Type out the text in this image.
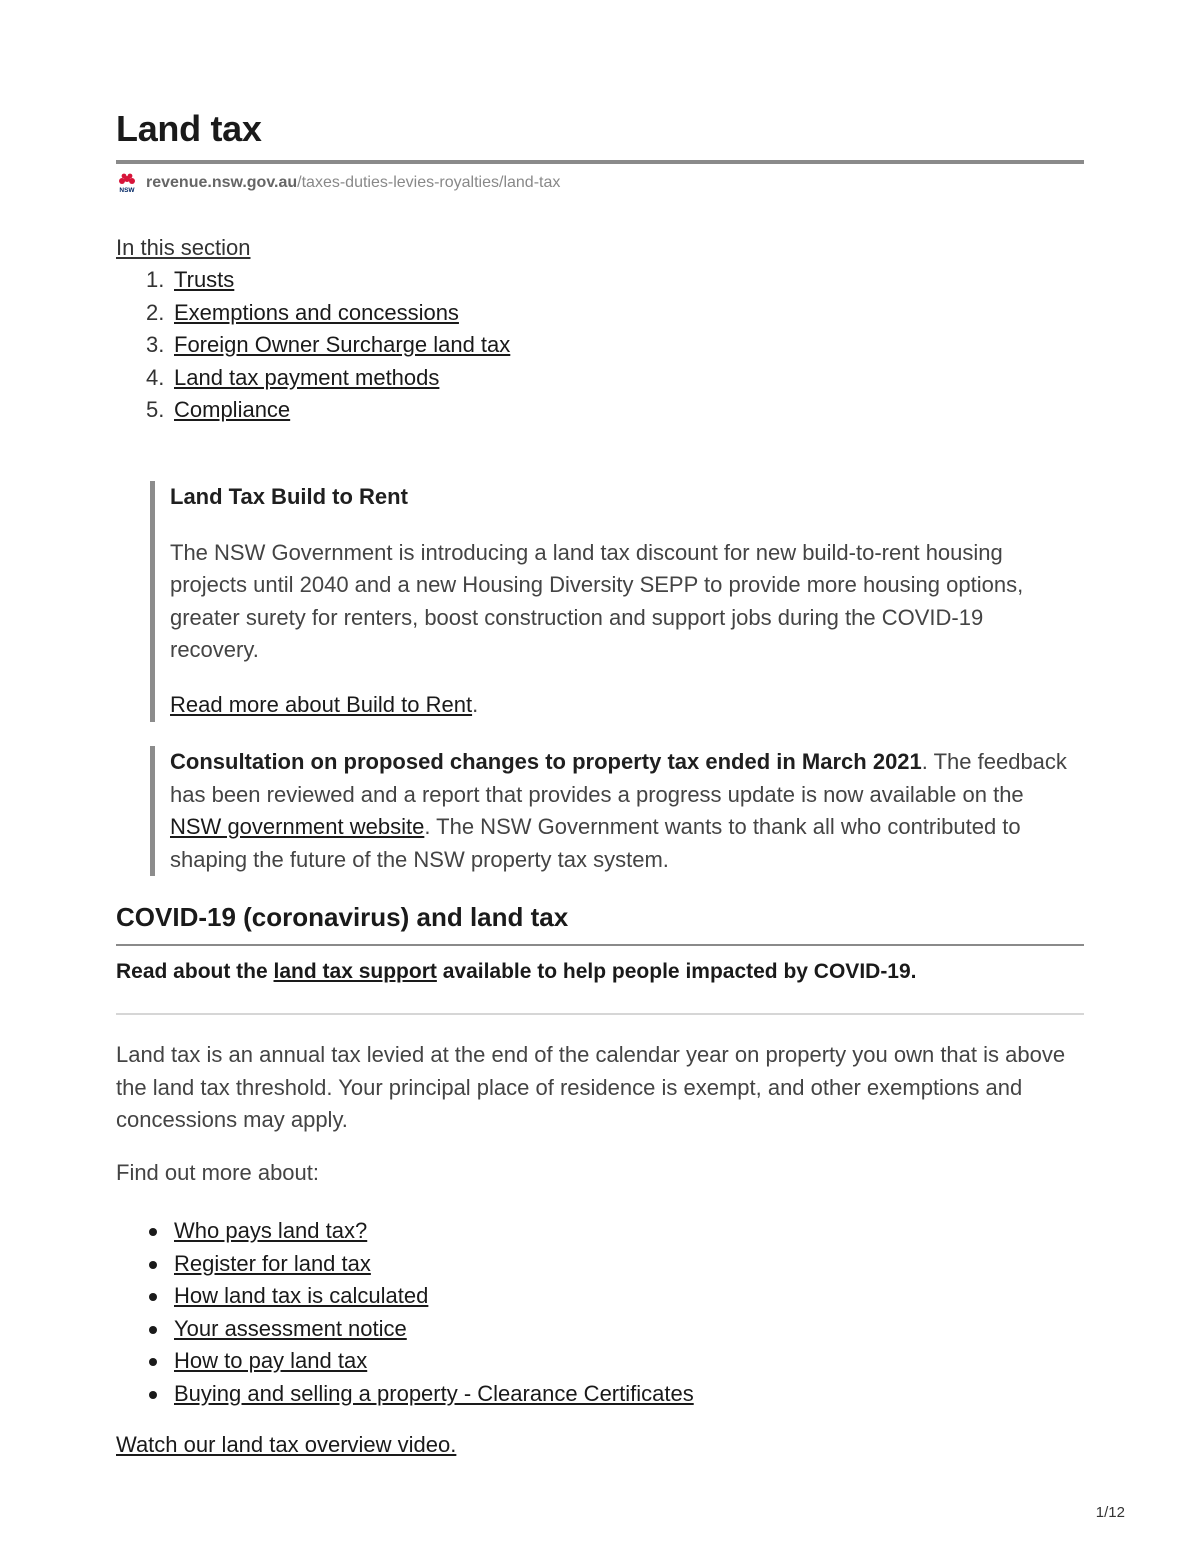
Land tax
NSW revenue.nsw.gov.au /taxes-duties-levies-royalties/land-tax
In this section
1. Trusts
2. Exemptions and concessions
3. Foreign Owner Surcharge land tax
4. Land tax payment methods
5. Compliance

Land Tax Build to Rent

The NSW Government is introducing a land tax discount for new build-to-rent housing projects until 2040 and a new Housing Diversity SEPP to provide more housing options, greater surety for renters, boost construction and support jobs during the COVID-19 recovery.

Read more about Build to Rent.

Consultation on proposed changes to property tax ended in March 2021. The feedback has been reviewed and a report that provides a progress update is now available on the NSW government website. The NSW Government wants to thank all who contributed to shaping the future of the NSW property tax system.

COVID-19 (coronavirus) and land tax
Read about the land tax support available to help people impacted by COVID-19.

Land tax is an annual tax levied at the end of the calendar year on property you own that is above the land tax threshold. Your principal place of residence is exempt, and other exemptions and concessions may apply.

Find out more about:

Who pays land tax?
Register for land tax
How land tax is calculated
Your assessment notice
How to pay land tax
Buying and selling a property - Clearance Certificates
Watch our land tax overview video.
1/12
